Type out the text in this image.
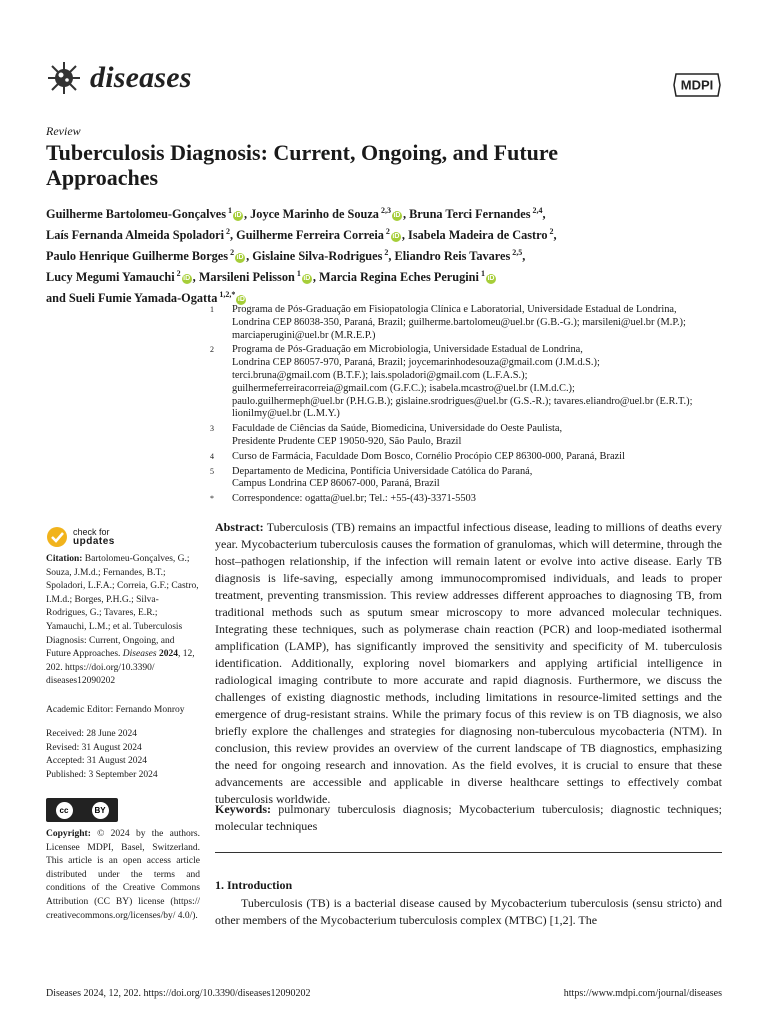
diseases	MDPI
Review
Tuberculosis Diagnosis: Current, Ongoing, and Future Approaches
Guilherme Bartolomeu-Gonçalves $^1$iD , Joyce Marinho de Souza $^{2,3}$iD , Bruna Terci Fernandes $^{2,4}$,
Laís Fernanda Almeida Spoladori $^2$, Guilherme Ferreira Correia $^2$iD , Isabela Madeira de Castro $^2$,
Paulo Henrique Guilherme Borges $^2$iD , Gislaine Silva-Rodrigues $^2$, Eliandro Reis Tavares $^{2,5}$,
Lucy Megumi Yamauchi $^2$iD , Marsileni Pelisson $^1$iD , Marcia Regina Eches Perugini $^1$iD
and Sueli Fumie Yamada-Ogatta $^{1,2,*}$iD
1	Programa de Pós-Graduação em Fisiopatologia Clínica e Laboratorial, Universidade Estadual de Londrina,
Londrina CEP 86038-350, Paraná, Brazil; guilherme.bartolomeu@uel.br (G.B.-G.); marsileni@uel.br (M.P.);
marciaperugini@uel.br (M.R.E.P.)
2	Programa de Pós-Graduação em Microbiologia, Universidade Estadual de Londrina,
Londrina CEP 86057-970, Paraná, Brazil; joycemarinhodesouza@gmail.com (J.M.d.S.);
terci.bruna@gmail.com (B.T.F.); lais.spoladori@gmail.com (L.F.A.S.);
guilhermeferreiracorreia@gmail.com (G.F.C.); isabela.mcastro@uel.br (I.M.d.C.);
paulo.guilhermeph@uel.br (P.H.G.B.); gislaine.srodrigues@uel.br (G.S.-R.); tavares.eliandro@uel.br (E.R.T.);
lionilmy@uel.br (L.M.Y.)
3	Faculdade de Ciências da Saúde, Biomedicina, Universidade do Oeste Paulista,
Presidente Prudente CEP 19050-920, São Paulo, Brazil
4	Curso de Farmácia, Faculdade Dom Bosco, Cornélio Procópio CEP 86300-000, Paraná, Brazil
5	Departamento de Medicina, Pontifícia Universidade Católica do Paraná,
Campus Londrina CEP 86067-000, Paraná, Brazil
*	Correspondence: ogatta@uel.br; Tel.: +55-(43)-3371-5503
check for
updates
Citation: Bartolomeu-Gonçalves, G.; Souza, J.M.d.; Fernandes, B.T.; Spoladori, L.F.A.; Correia, G.F.; Castro, I.M.d.; Borges, P.H.G.; Silva-Rodrigues, G.; Tavares, E.R.; Yamauchi, L.M.; et al. Tuberculosis Diagnosis: Current, Ongoing, and Future Approaches. Diseases 2024, 12, 202. https://doi.org/10.3390/ diseases12090202
Academic Editor: Fernando Monroy
Received: 28 June 2024
Revised: 31 August 2024
Accepted: 31 August 2024
Published: 3 September 2024
cc	BY
Copyright: © 2024 by the authors. Licensee MDPI, Basel, Switzerland. This article is an open access article distributed under the terms and conditions of the Creative Commons Attribution (CC BY) license (https:// creativecommons.org/licenses/by/ 4.0/).
Abstract: Tuberculosis (TB) remains an impactful infectious disease, leading to millions of deaths every year. Mycobacterium tuberculosis causes the formation of granulomas, which will determine, through the host–pathogen relationship, if the infection will remain latent or evolve into active disease. Early TB diagnosis is life-saving, especially among immunocompromised individuals, and leads to proper treatment, preventing transmission. This review addresses different approaches to diagnosing TB, from traditional methods such as sputum smear microscopy to more advanced molecular techniques. Integrating these techniques, such as polymerase chain reaction (PCR) and loop-mediated isothermal amplification (LAMP), has significantly improved the sensitivity and specificity of M. tuberculosis identification. Additionally, exploring novel biomarkers and applying artificial intelligence in radiological imaging contribute to more accurate and rapid diagnosis. Furthermore, we discuss the challenges of existing diagnostic methods, including limitations in resource-limited settings and the emergence of drug-resistant strains. While the primary focus of this review is on TB diagnosis, we also briefly explore the challenges and strategies for diagnosing non-tuberculous mycobacteria (NTM). In conclusion, this review provides an overview of the current landscape of TB diagnostics, emphasizing the need for ongoing research and innovation. As the field evolves, it is crucial to ensure that these advancements are accessible and applicable in diverse healthcare settings to effectively combat tuberculosis worldwide.
Keywords: pulmonary tuberculosis diagnosis; Mycobacterium tuberculosis; diagnostic techniques; molecular techniques
1. Introduction
Tuberculosis (TB) is a bacterial disease caused by Mycobacterium tuberculosis (sensu stricto) and other members of the Mycobacterium tuberculosis complex (MTBC) [1,2]. The
Diseases 2024, 12, 202. https://doi.org/10.3390/diseases12090202	https://www.mdpi.com/journal/diseases
